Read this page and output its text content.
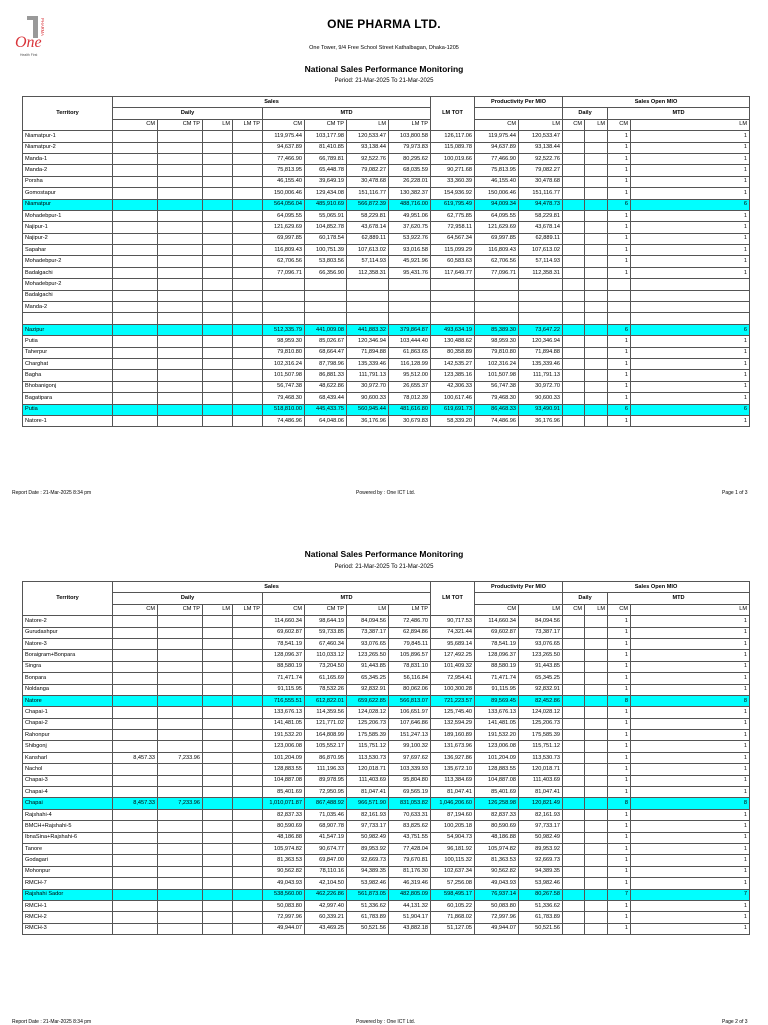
One
PHARMA
Health First
ONE PHARMA LTD.
One Tower, 9/4 Free School Street Kathalbagan, Dhaka-1205
National Sales Performance Monitoring
Period: 21-Mar-2025 To 21-Mar-2025
Territory	Sales								LM TOT	Productivity Per MIO		Sales Open MIO			
	Daily				MTD							Daily		MTD	
	CM	CM TP	LM	LM TP	CM	CM TP	LM	LM TP		CM	LM	CM	LM	CM	LM
Niamatpur-1					119,975.44	103,177.98	120,533.47	103,800.58	126,117.06	119,975.44	120,533.47			1	1
Niamatpur-2					94,637.89	81,410.85	93,138.44	79,973.83	115,089.78	94,637.89	93,138.44			1	1
Manda-1					77,466.90	66,789.81	92,522.76	80,295.62	100,019.66	77,466.90	92,522.76			1	1
Manda-2					75,813.95	65,448.78	79,082.27	68,035.59	90,271.68	75,813.95	79,082.27			1	1
Porsha					46,155.40	39,649.19	30,478.68	26,228.01	33,360.39	46,155.40	30,478.68			1	1
Gomostapur					150,006.46	129,434.08	151,116.77	130,382.37	154,936.92	150,006.46	151,116.77			1	1
Niamatpur					564,056.04	485,910.69	566,872.39	488,716.00	619,795.49	94,009.34	94,478.73			6	6
Mohadebpur-1					64,095.55	55,065.91	58,229.81	49,951.06	62,775.85	64,095.55	58,229.81			1	1
Najipur-1					121,629.69	104,852.78	43,678.14	37,620.75	72,958.11	121,629.69	43,678.14			1	1
Najipur-2					69,997.85	60,178.54	62,889.11	53,922.76	64,567.34	69,997.85	62,889.11			1	1
Sapahar					116,809.43	100,751.39	107,613.02	93,016.58	115,099.29	116,809.43	107,613.02			1	1
Mohadebpur-2					62,706.56	53,803.56	57,114.93	45,921.96	60,583.63	62,706.56	57,114.93			1	1
Badalgachi					77,096.71	66,356.90	112,358.31	95,431.76	117,649.77	77,096.71	112,358.31			1	1
Mohadebpur-2															
Badalgachi															
Manda-2															

Nazipur					512,335.79	441,009.08	441,883.32	379,864.87	493,634.19	85,389.30	73,647.22			6	6
Putia					98,959.30	85,026.67	120,346.94	103,444.40	130,488.62	98,959.30	120,346.94			1	1
Taherpur					79,810.80	68,664.47	71,894.88	61,863.65	80,358.89	79,810.80	71,894.88			1	1
Charghat					102,316.24	87,798.96	135,339.46	116,128.99	142,535.27	102,316.24	135,339.46			1	1
Bagha					101,507.98	86,881.33	111,791.13	95,512.00	123,385.16	101,507.98	111,791.13			1	1
Bhobanigonj					56,747.38	48,622.86	30,972.70	26,655.37	42,306.33	56,747.38	30,972.70			1	1
Bagatipara					79,468.30	68,439.44	90,600.33	78,012.39	100,617.46	79,468.30	90,600.33			1	1
Putia					518,810.00	445,433.75	560,945.44	481,616.80	619,691.73	86,468.33	93,490.91			6	6
Natore-1					74,486.96	64,048.06	36,176.96	30,679.83	58,339.20	74,486.96	36,176.96			1	1
Report Date : 21-Mar-2025 8:34 pm	Powered by : One ICT Ltd.	Page 1 of 3
National Sales Performance Monitoring
Period: 21-Mar-2025 To 21-Mar-2025
Territory	Sales								LM TOT	Productivity Per MIO		Sales Open MIO			
	Daily				MTD							Daily		MTD	
	CM	CM TP	LM	LM TP	CM	CM TP	LM	LM TP		CM	LM	CM	LM	CM	LM
Natore-2					114,660.34	98,644.19	84,094.56	72,486.70	90,717.53	114,660.34	84,094.56			1	1
Gurudashpur					69,602.87	59,733.85	73,387.17	62,894.86	74,321.44	69,602.87	73,387.17			1	1
Natore-3					78,541.19	67,460.34	93,076.65	79,845.11	95,689.14	78,541.19	93,076.65			1	1
Boraigram+Bonpara					128,096.37	110,033.12	123,265.50	105,896.57	127,492.25	128,096.37	123,265.50			1	1
Singra					88,580.19	73,204.50	91,443.85	78,831.10	101,409.32	88,580.19	91,443.85			1	1
Bonpara					71,471.74	61,165.69	65,345.25	56,116.84	72,954.41	71,471.74	65,345.25			1	1
Noldanga					91,115.95	78,532.26	92,832.91	80,062.06	100,300.28	91,115.95	92,832.91			1	1
Natore					716,555.51	612,822.01	659,622.85	566,813.07	721,223.57	89,569.45	82,452.86			8	8
Chapai-1					133,676.13	114,359.56	124,028.12	106,651.97	125,745.40	133,676.13	124,028.12			1	1
Chapai-2					141,481.05	121,771.02	125,206.73	107,646.86	132,594.29	141,481.05	125,206.73			1	1
Rahonpur					191,532.20	164,808.99	175,585.39	151,247.13	189,160.89	191,532.20	175,585.39			1	1
Shibgonj					123,006.08	105,552.17	115,751.12	99,100.32	131,673.96	123,006.08	115,751.12			1	1
Kansharl	8,457.33	7,233.96			101,204.09	86,870.95	113,530.73	97,697.62	136,927.86	101,204.09	113,530.73			1	1
Nachol					128,883.55	111,196.33	120,018.71	103,339.93	135,672.10	128,883.55	120,018.71			1	1
Chapai-3					104,887.08	89,978.95	111,403.69	95,804.80	113,384.69	104,887.08	111,403.69			1	1
Chapai-4					85,401.69	72,950.95	81,047.41	69,565.19	81,047.41	85,401.69	81,047.41			1	1
Chapai	8,457.33	7,233.96			1,010,071.87	867,488.92	966,571.90	831,053.82	1,046,206.60	126,258.98	120,821.49			8	8
Rajshahi-4					82,837.33	71,035.46	82,161.93	70,633.31	87,194.60	82,837.33	82,161.93			1	1
BMCH+Rajshahi-5					80,590.69	68,907.78	97,733.17	83,825.62	100,205.18	80,590.69	97,733.17			1	1
IbnaSina+Rajshahi-6					48,186.88	41,547.19	50,982.49	43,751.55	54,904.73	48,186.88	50,982.49			1	1
Tanore					105,974.82	90,674.77	89,953.92	77,428.04	96,181.92	105,974.82	89,953.92			1	1
Godagari					81,363.53	69,847.00	92,669.73	79,670.81	100,115.32	81,363.53	92,669.73			1	1
Mohonpur					90,562.82	78,110.16	94,389.35	81,176.30	102,637.34	90,562.82	94,389.35			1	1
RMCH-7					49,043.93	42,104.50	53,982.46	46,319.46	57,256.08	49,043.93	53,982.46			1	1
Rajshahi Sador					538,560.00	462,226.86	561,873.05	482,805.09	598,495.17	76,937.14	80,267.58			7	7
RMCH-1					50,083.80	42,997.40	51,336.62	44,131.32	60,105.22	50,083.80	51,336.62			1	1
RMCH-2					72,997.96	60,339.21	61,783.89	51,904.17	71,868.02	72,997.96	61,783.89			1	1
RMCH-3					49,944.07	43,469.25	50,521.56	43,882.18	51,127.05	49,944.07	50,521.56			1	1
Report Date : 21-Mar-2025 8:34 pm	Powered by : One ICT Ltd.	Page 2 of 3
